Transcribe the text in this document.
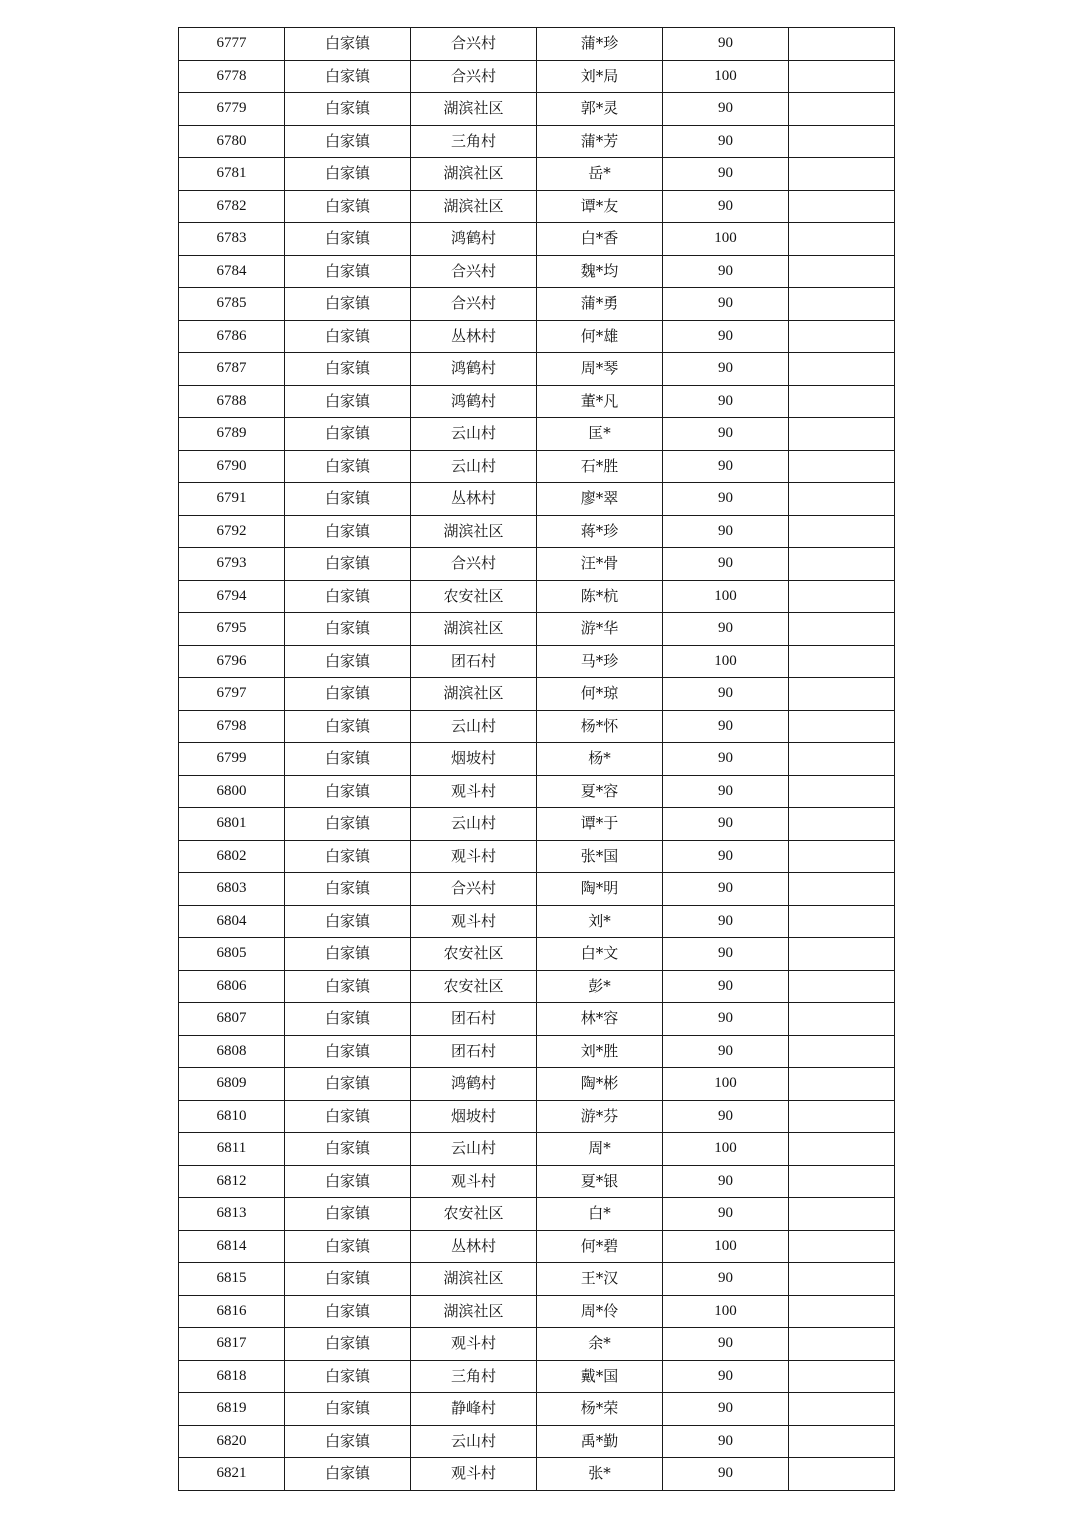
6777	白家镇	合兴村	蒲*珍	90	
6778	白家镇	合兴村	刘*局	100	
6779	白家镇	湖滨社区	郭*灵	90	
6780	白家镇	三角村	蒲*芳	90	
6781	白家镇	湖滨社区	岳*	90	
6782	白家镇	湖滨社区	谭*友	90	
6783	白家镇	鸿鹤村	白*香	100	
6784	白家镇	合兴村	魏*均	90	
6785	白家镇	合兴村	蒲*勇	90	
6786	白家镇	丛林村	何*雄	90	
6787	白家镇	鸿鹤村	周*琴	90	
6788	白家镇	鸿鹤村	董*凡	90	
6789	白家镇	云山村	匡*	90	
6790	白家镇	云山村	石*胜	90	
6791	白家镇	丛林村	廖*翠	90	
6792	白家镇	湖滨社区	蒋*珍	90	
6793	白家镇	合兴村	汪*骨	90	
6794	白家镇	农安社区	陈*杭	100	
6795	白家镇	湖滨社区	游*华	90	
6796	白家镇	团石村	马*珍	100	
6797	白家镇	湖滨社区	何*琼	90	
6798	白家镇	云山村	杨*怀	90	
6799	白家镇	烟坡村	杨*	90	
6800	白家镇	观斗村	夏*容	90	
6801	白家镇	云山村	谭*于	90	
6802	白家镇	观斗村	张*国	90	
6803	白家镇	合兴村	陶*明	90	
6804	白家镇	观斗村	刘*	90	
6805	白家镇	农安社区	白*文	90	
6806	白家镇	农安社区	彭*	90	
6807	白家镇	团石村	林*容	90	
6808	白家镇	团石村	刘*胜	90	
6809	白家镇	鸿鹤村	陶*彬	100	
6810	白家镇	烟坡村	游*芬	90	
6811	白家镇	云山村	周*	100	
6812	白家镇	观斗村	夏*银	90	
6813	白家镇	农安社区	白*	90	
6814	白家镇	丛林村	何*碧	100	
6815	白家镇	湖滨社区	王*汉	90	
6816	白家镇	湖滨社区	周*伶	100	
6817	白家镇	观斗村	余*	90	
6818	白家镇	三角村	戴*国	90	
6819	白家镇	静峰村	杨*荣	90	
6820	白家镇	云山村	禹*勤	90	
6821	白家镇	观斗村	张*	90	
